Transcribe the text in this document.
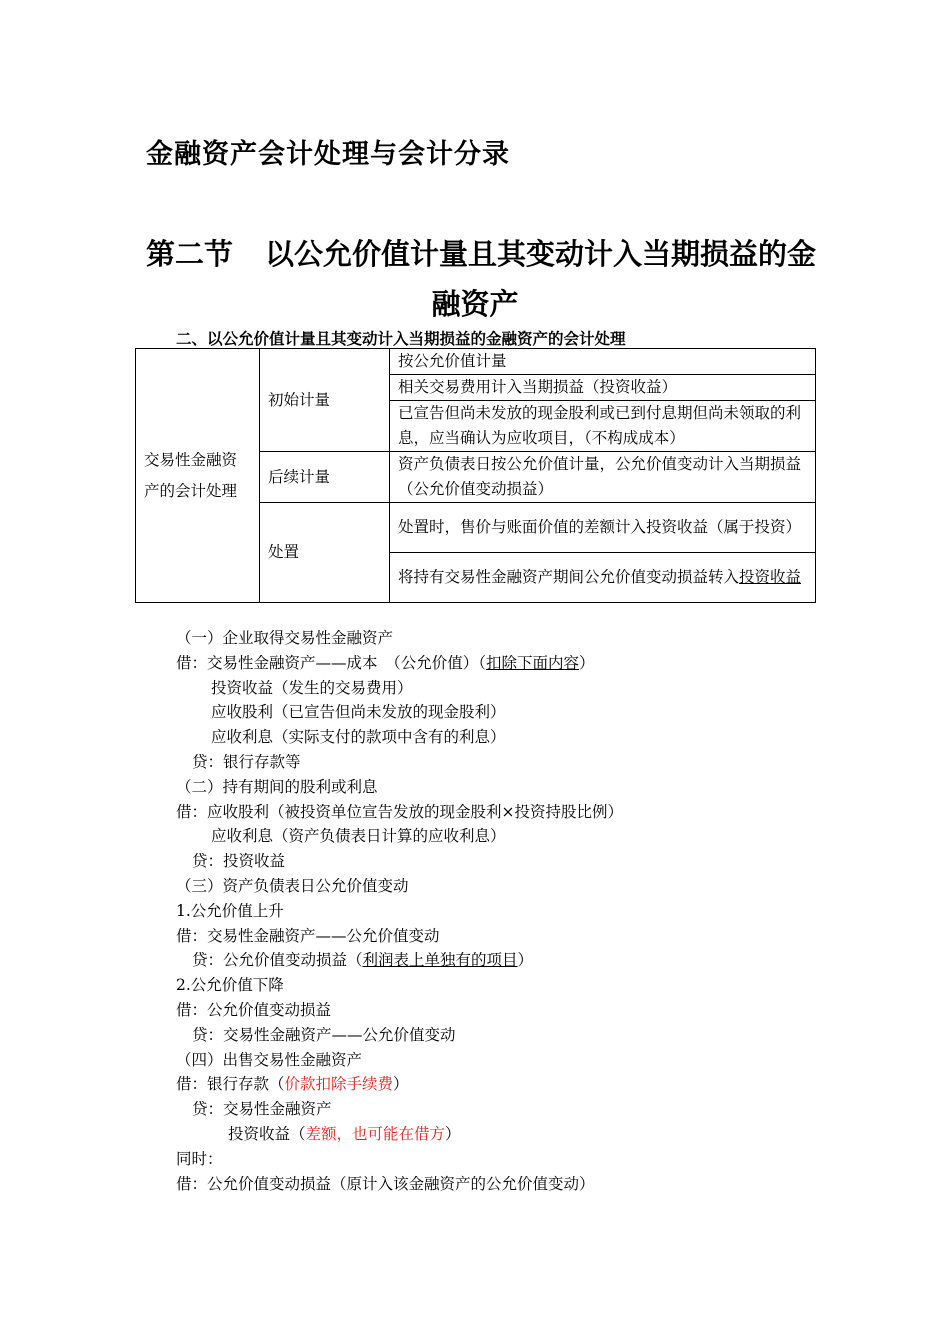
金融资产会计处理与会计分录
第二节 以公允价值计量且其变动计入当期损益的金
融资产
二、以公允价值计量且其变动计入当期损益的金融资产的会计处理
交易性金融资
产的会计处理	初始计量	按公允价值计量
		相关交易费用计入当期损益（投资收益）
		已宣告但尚未发放的现金股利或已到付息期但尚未领取的利息，应当确认为应收项目，（不构成成本）
	后续计量	资产负债表日按公允价值计量，公允价值变动计入当期损益（公允价值变动损益）
	处置	处置时，售价与账面价值的差额计入投资收益（属于投资）
		将持有交易性金融资产期间公允价值变动损益转入投资收益
（一）企业取得交易性金融资产
借：交易性金融资产——成本　（公允价值）（扣除下面内容）
投资收益（发生的交易费用）
应收股利（已宣告但尚未发放的现金股利）
应收利息（实际支付的款项中含有的利息）
贷：银行存款等
（二）持有期间的股利或利息
借：应收股利（被投资单位宣告发放的现金股利×投资持股比例）
应收利息（资产负债表日计算的应收利息）
贷：投资收益
（三）资产负债表日公允价值变动
1.公允价值上升
借：交易性金融资产——公允价值变动
贷：公允价值变动损益（利润表上单独有的项目）
2.公允价值下降
借：公允价值变动损益
贷：交易性金融资产——公允价值变动
（四）出售交易性金融资产
借：银行存款（价款扣除手续费）
贷：交易性金融资产
投资收益（差额，也可能在借方）
同时：
借：公允价值变动损益（原计入该金融资产的公允价值变动）
